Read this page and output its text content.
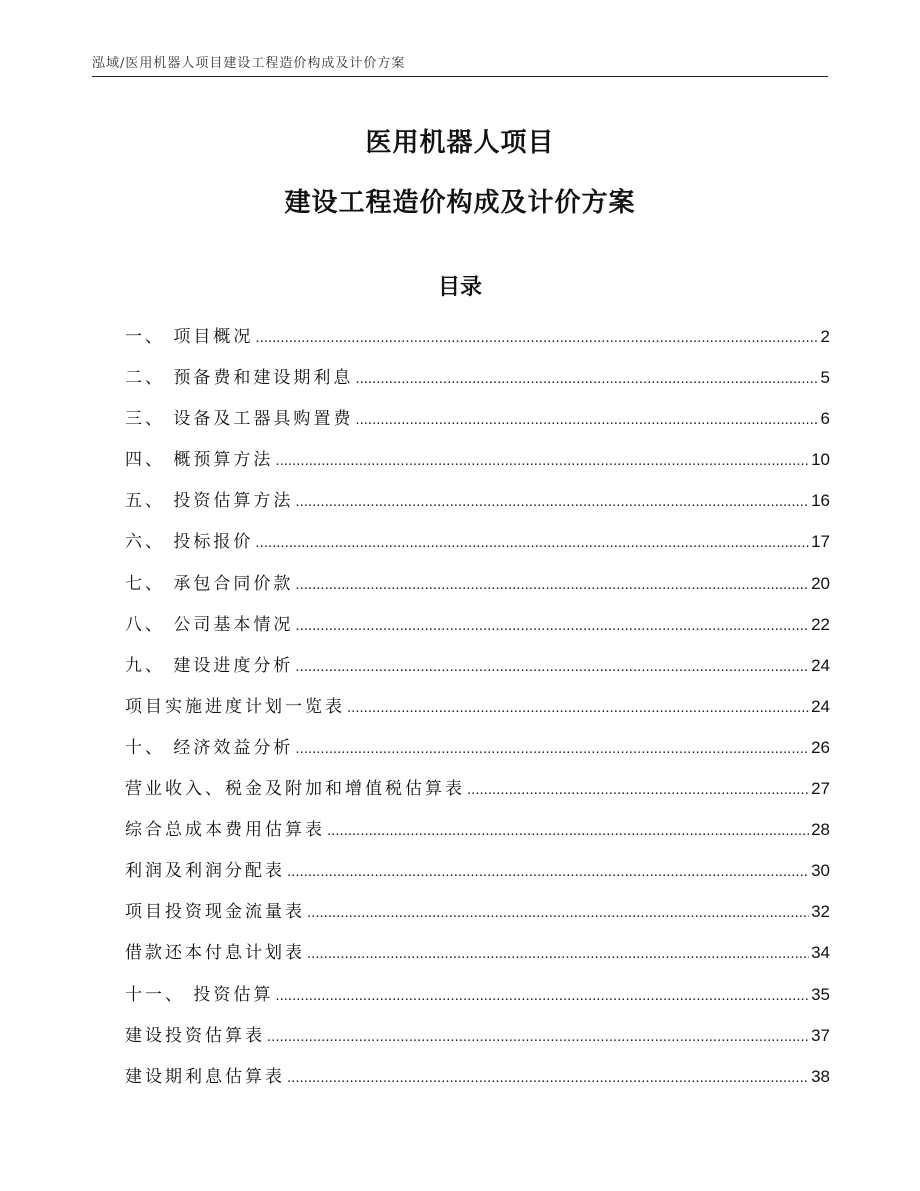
泓域/医用机器人项目建设工程造价构成及计价方案
医用机器人项目
建设工程造价构成及计价方案
目录
一、 项目概况 .....	2
二、 预备费和建设期利息 .....	5
三、 设备及工器具购置费 .....	6
四、 概预算方法 .....	10
五、 投资估算方法 .....	16
六、 投标报价 .....	17
七、 承包合同价款 .....	20
八、 公司基本情况 .....	22
九、 建设进度分析 .....	24
项目实施进度计划一览表 .....	24
十、 经济效益分析 .....	26
营业收入、税金及附加和增值税估算表 .....	27
综合总成本费用估算表 .....	28
利润及利润分配表 .....	30
项目投资现金流量表 .....	32
借款还本付息计划表 .....	34
十一、 投资估算 .....	35
建设投资估算表 .....	37
建设期利息估算表 .....	38
